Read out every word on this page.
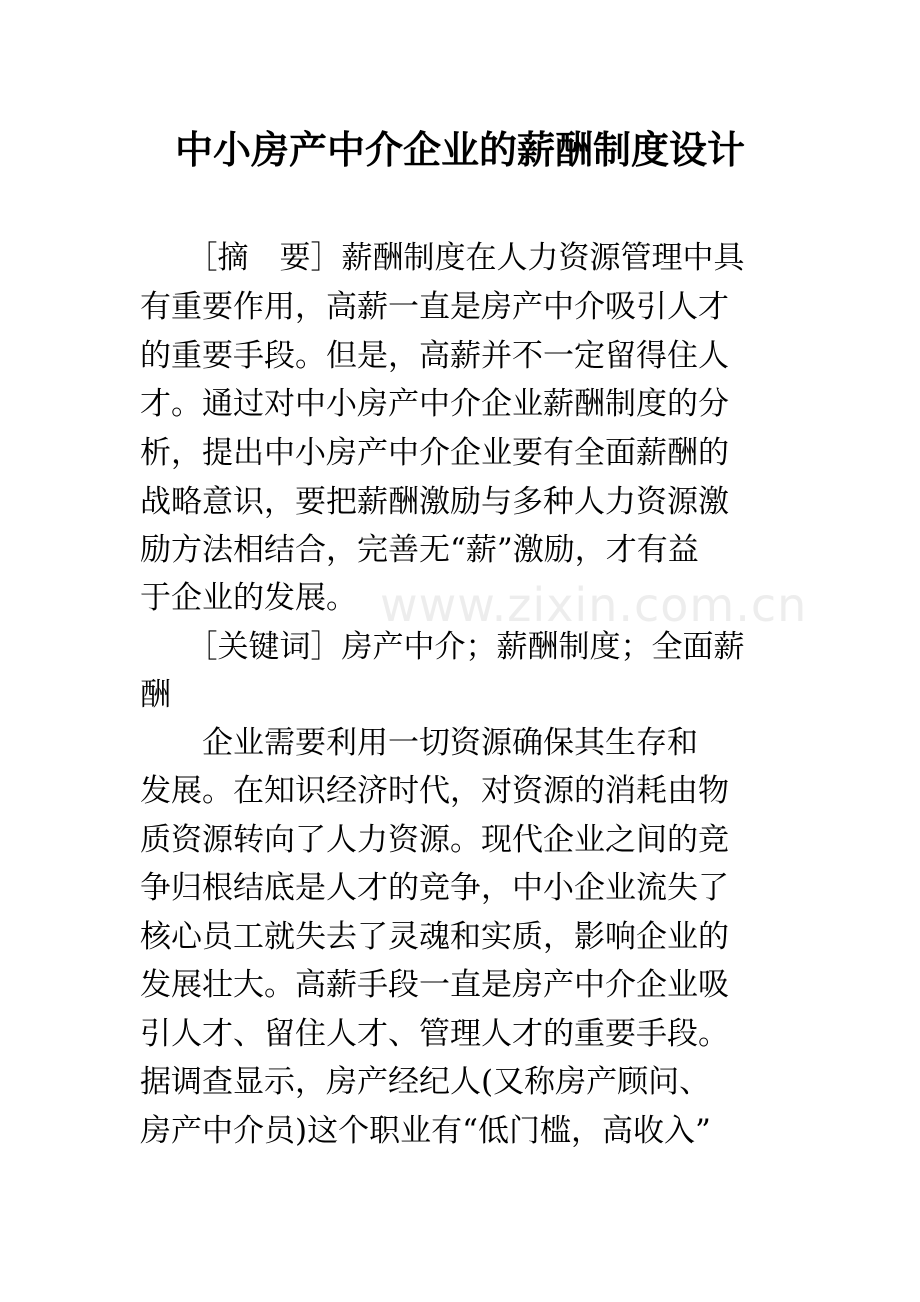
中小房产中介企业的薪酬制度设计
　　［摘　要］薪酬制度在人力资源管理中具
有重要作用，高薪一直是房产中介吸引人才
的重要手段。但是，高薪并不一定留得住人
才。通过对中小房产中介企业薪酬制度的分
析，提出中小房产中介企业要有全面薪酬的
战略意识，要把薪酬激励与多种人力资源激
励方法相结合，完善无“薪”激励，才有益
于企业的发展。 www.zixin.com.cn
　　［关键词］房产中介；薪酬制度；全面薪
酬
　　企业需要利用一切资源确保其生存和
发展。在知识经济时代，对资源的消耗由物
质资源转向了人力资源。现代企业之间的竞
争归根结底是人才的竞争，中小企业流失了
核心员工就失去了灵魂和实质，影响企业的
发展壮大。高薪手段一直是房产中介企业吸
引人才、留住人才、管理人才的重要手段。
据调查显示，房产经纪人(又称房产顾问、
房产中介员)这个职业有“低门槛，高收入”
